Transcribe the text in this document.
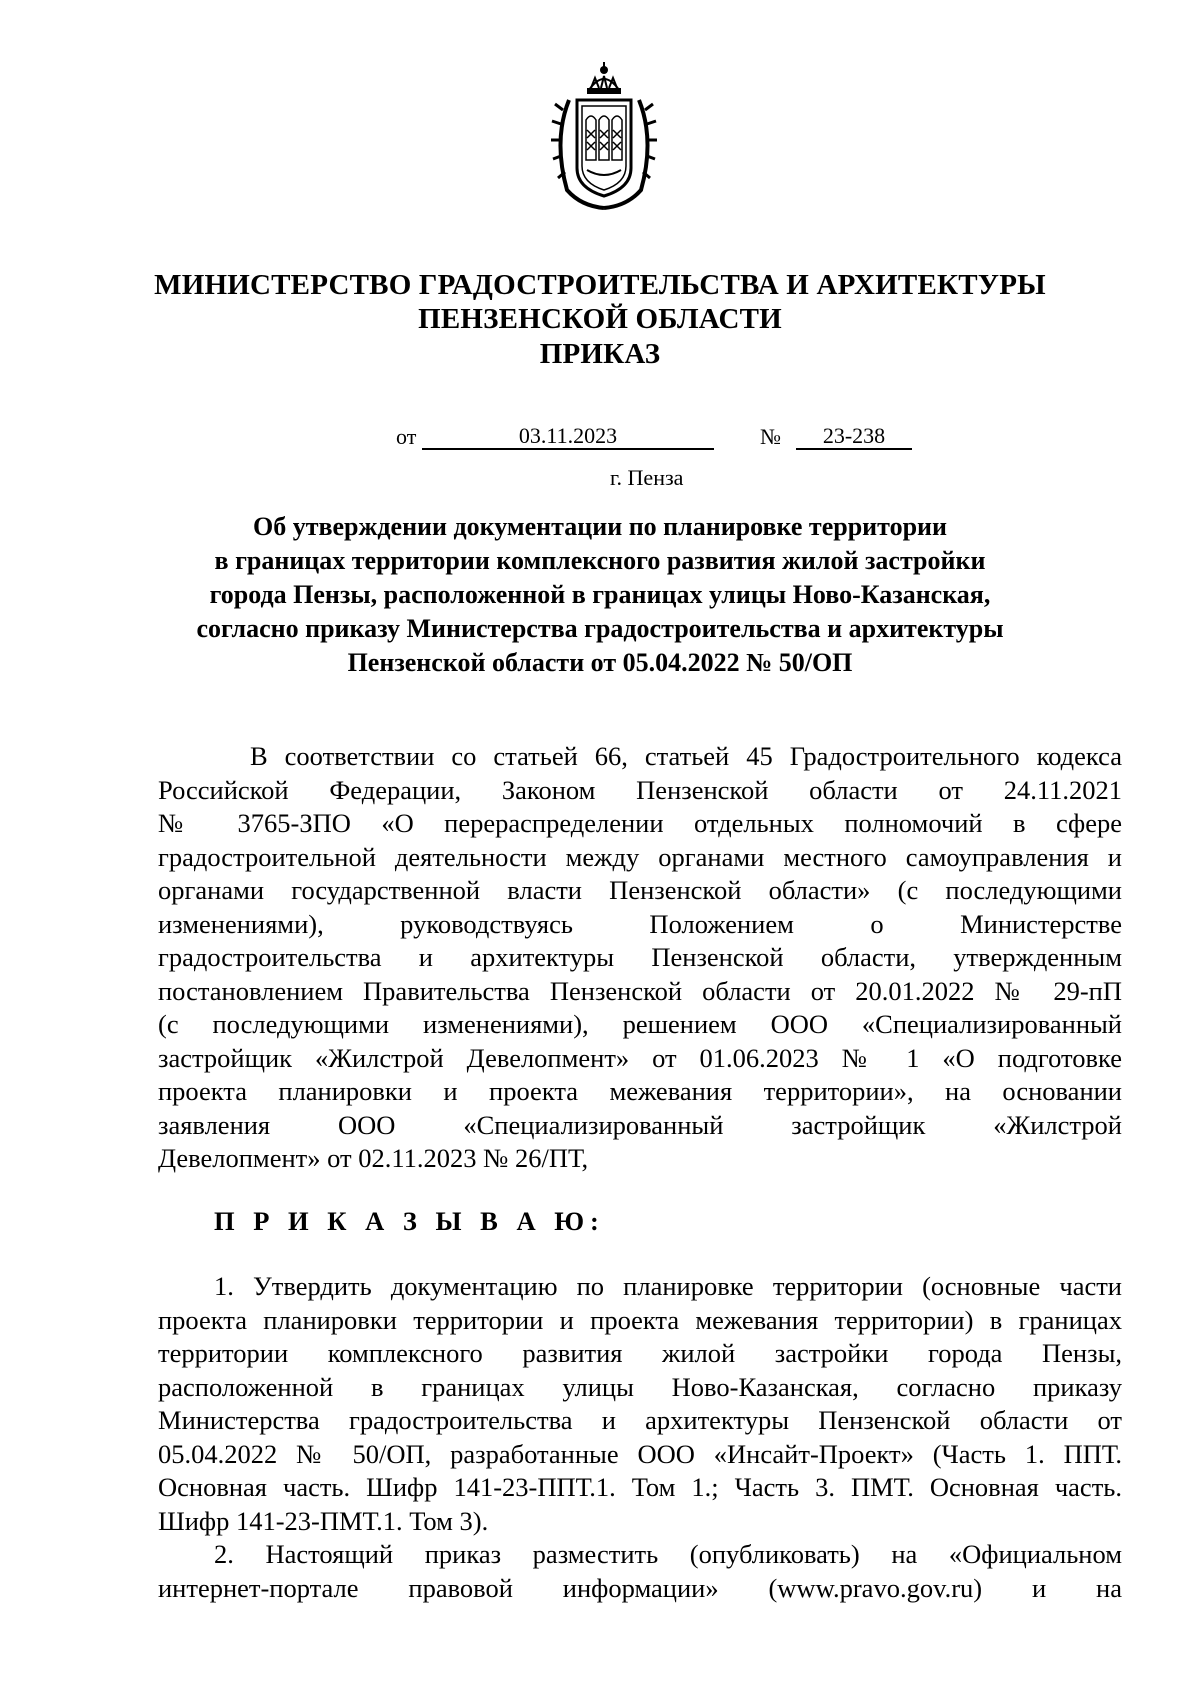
МИНИСТЕРСТВО ГРАДОСТРОИТЕЛЬСТВА И АРХИТЕКТУРЫ
ПЕНЗЕНСКОЙ ОБЛАСТИ
ПРИКАЗ
от	03.11.2023	№	23-238
г. Пенза
Об утверждении документации по планировке территории
в границах территории комплексного развития жилой застройки
города Пензы, расположенной в границах улицы Ново-Казанская,
согласно приказу Министерства градостроительства и архитектуры
Пензенской области от 05.04.2022 № 50/ОП
В соответствии со статьей 66, статьей 45 Градостроительного кодекса
Российской Федерации, Законом Пензенской области от 24.11.2021
№ 3765-ЗПО «О перераспределении отдельных полномочий в сфере
градостроительной деятельности между органами местного самоуправления и
органами государственной власти Пензенской области» (с последующими
изменениями), руководствуясь Положением о Министерстве
градостроительства и архитектуры Пензенской области, утвержденным
постановлением Правительства Пензенской области от 20.01.2022 № 29-пП
(с последующими изменениями), решением ООО «Специализированный
застройщик «Жилстрой Девелопмент» от 01.06.2023 № 1 «О подготовке
проекта планировки и проекта межевания территории», на основании
заявления ООО «Специализированный застройщик «Жилстрой
Девелопмент» от 02.11.2023 № 26/ПТ,
П Р И К А З Ы В А Ю:
1. Утвердить документацию по планировке территории (основные части
проекта планировки территории и проекта межевания территории) в границах
территории комплексного развития жилой застройки города Пензы,
расположенной в границах улицы Ново-Казанская, согласно приказу
Министерства градостроительства и архитектуры Пензенской области от
05.04.2022 № 50/ОП, разработанные ООО «Инсайт-Проект» (Часть 1. ППТ.
Основная часть. Шифр 141-23-ППТ.1. Том 1.; Часть 3. ПМТ. Основная часть.
Шифр 141-23-ПМТ.1. Том 3).
2. Настоящий приказ разместить (опубликовать) на «Официальном
интернет-портале правовой информации» (www.pravo.gov.ru) и на
